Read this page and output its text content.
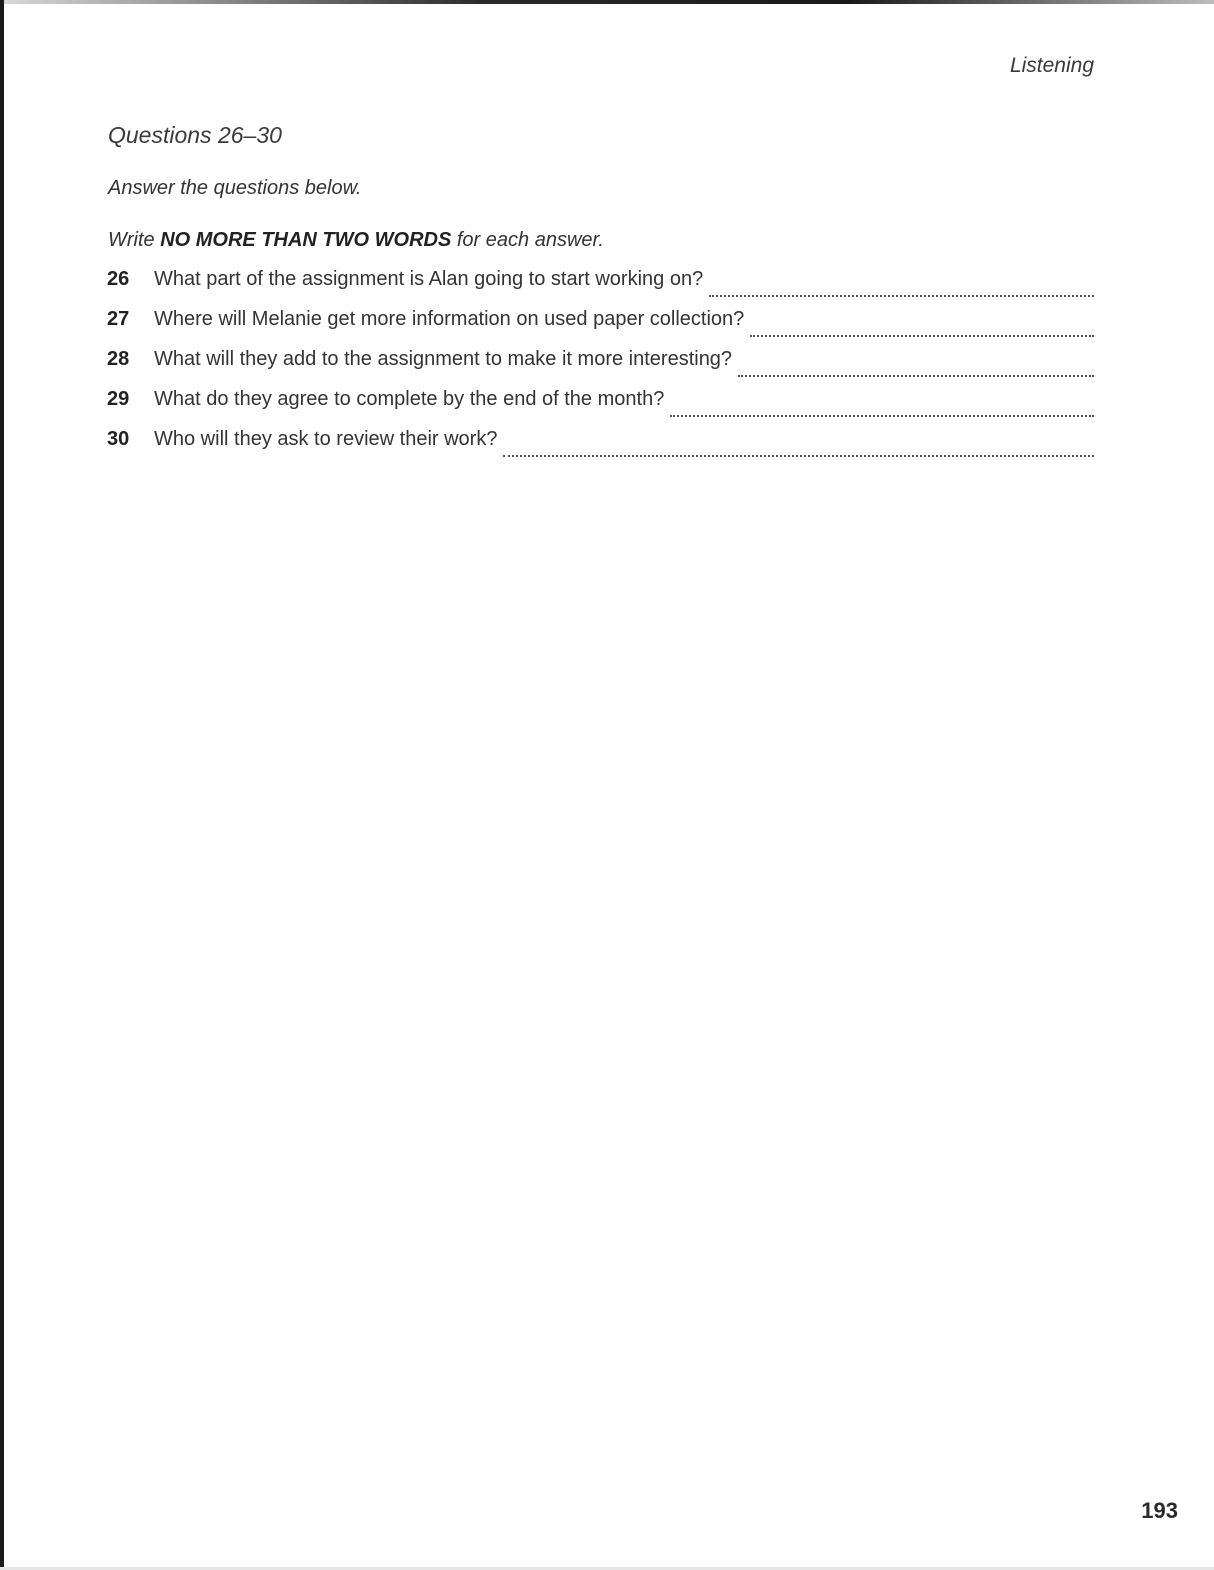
Listening
Questions 26–30
Answer the questions below.
Write NO MORE THAN TWO WORDS for each answer.
26	What part of the assignment is Alan going to start working on?
27	Where will Melanie get more information on used paper collection?
28	What will they add to the assignment to make it more interesting?
29	What do they agree to complete by the end of the month?
30	Who will they ask to review their work?
193
